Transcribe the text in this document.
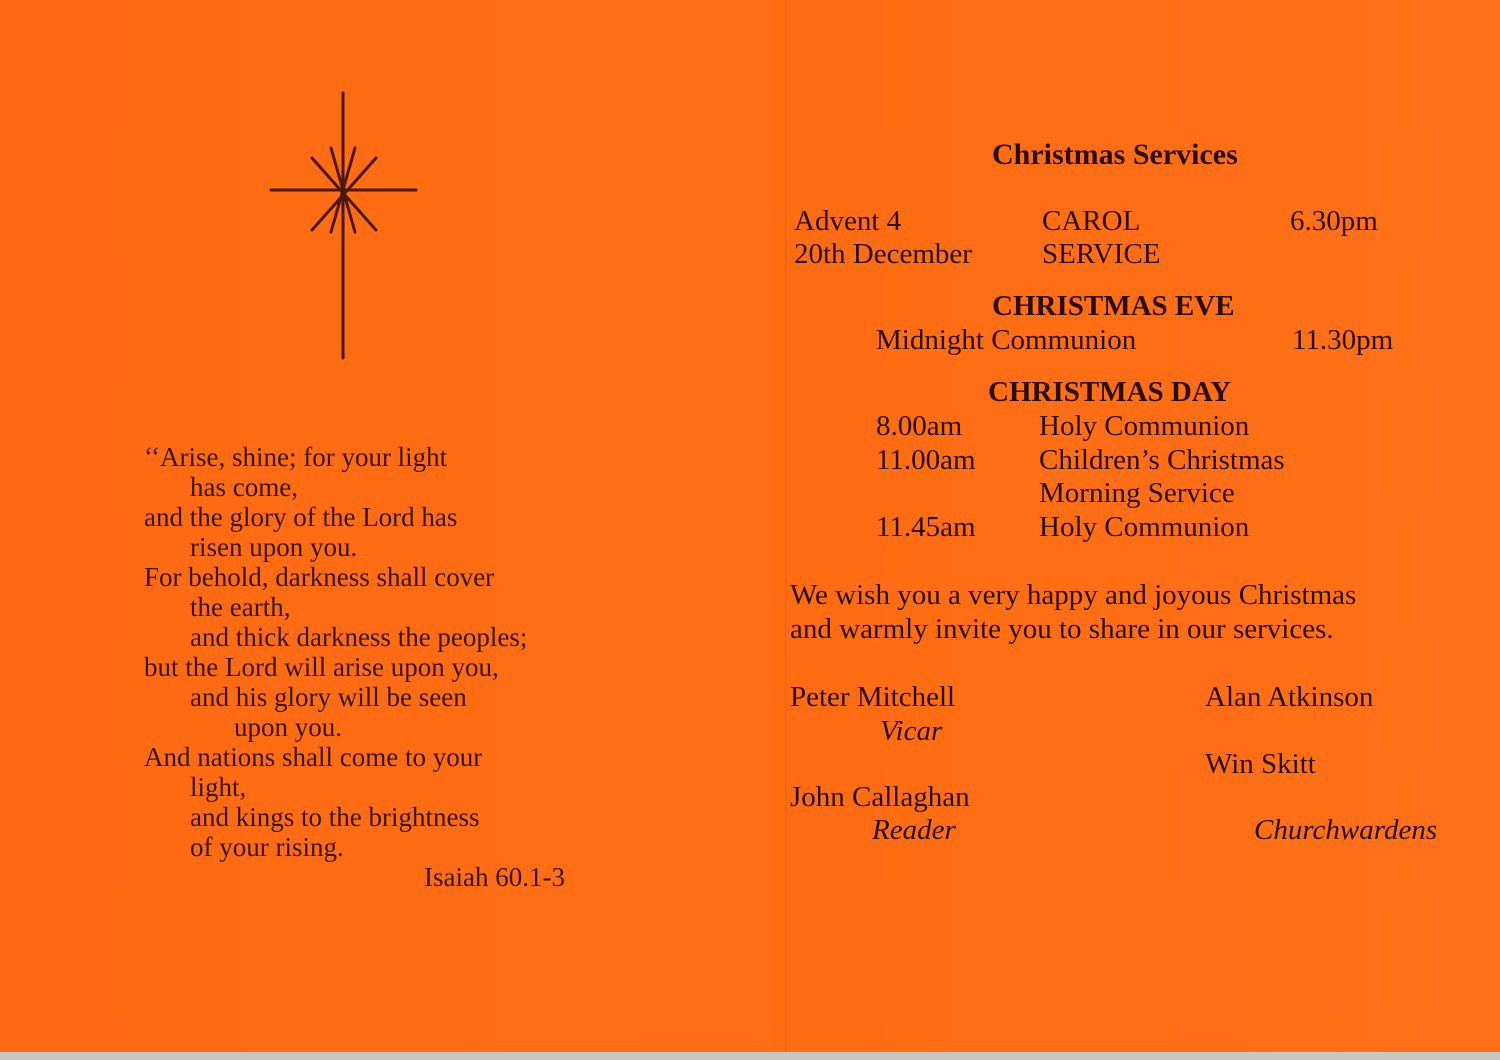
‘‘Arise, shine; for your light
has come,
and the glory of the Lord has
risen upon you.
For behold, darkness shall cover
the earth,
and thick darkness the peoples;
but the Lord will arise upon you,
and his glory will be seen
upon you.
And nations shall come to your
light,
and kings to the brightness
of your rising.
Isaiah 60.1-3
Christmas Services
Advent 4
20th December
CAROL
SERVICE
6.30pm
CHRISTMAS EVE
Midnight Communion	11.30pm
CHRISTMAS DAY
8.00am	Holy Communion
11.00am Children’s Christmas
Morning Service
11.45am Holy Communion
We wish you a very happy and joyous Christmas
and warmly invite you to share in our services.
Peter Mitchell
Vicar
John Callaghan
Reader
Alan Atkinson
Win Skitt
Churchwardens
